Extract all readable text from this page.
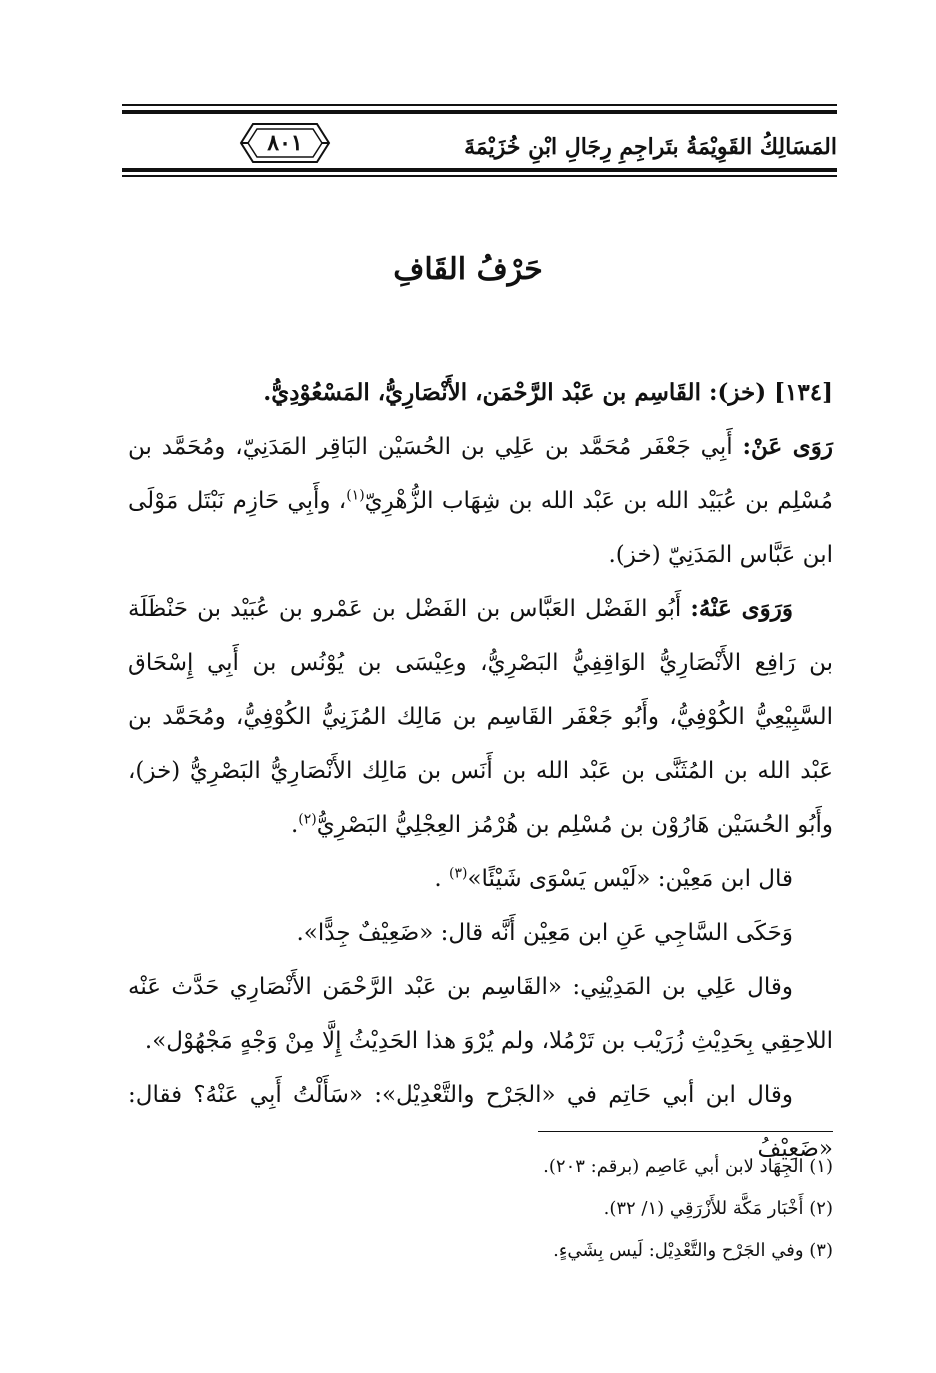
المَسَالِكُ القَوِيْمَةُ بتَراجِمِ رِجَالِ ابْنِ خُزَيْمَةَ
٨٠١
حَرْفُ القَافِ

[١٣٤] (خز): القَاسِم بن عَبْد الرَّحْمَن، الأَنْصَارِيُّ، المَسْعُوْدِيُّ.

رَوَى عَنْ: أَبِي جَعْفَر مُحَمَّد بن عَلِي بن الحُسَيْن البَاقِر المَدَنِيّ، ومُحَمَّد بن مُسْلِم بن عُبَيْد الله بن عَبْد الله بن شِهَاب الزُّهْرِيّ$^{(١)}$، وأَبِي حَازِم نَبْتَل مَوْلَى ابن عَبَّاس المَدَنِيّ (خز).

وَرَوَى عَنْهُ: أَبُو الفَضْل العَبَّاس بن الفَضْل بن عَمْرو بن عُبَيْد بن حَنْظَلَة بن رَافِع الأَنْصَارِيُّ الوَاقِفِيُّ البَصْرِيُّ، وعِيْسَى بن يُوْنُس بن أَبِي إِسْحَاق السَّبِيْعِيُّ الكُوْفِيُّ، وأَبُو جَعْفَر القَاسِم بن مَالِك المُزَنِيُّ الكُوْفِيُّ، ومُحَمَّد بن عَبْد الله بن المُثَنَّى بن عَبْد الله بن أَنَس بن مَالِك الأَنْصَارِيُّ البَصْرِيُّ (خز)، وأَبُو الحُسَيْن هَارُوْن بن مُسْلِم بن هُرْمُز العِجْلِيُّ البَصْرِيُّ$^{(٢)}$.

قال ابن مَعِيْن: «لَيْس يَسْوَى شَيْئًا»$^{(٣)}$ .

وَحَكَى السَّاجِي عَنِ ابن مَعِيْن أَنَّه قال: «ضَعِيْفٌ جِدًّا».

وقال عَلِي بن المَدِيْنِي: «القَاسِم بن عَبْد الرَّحْمَن الأَنْصَارِي حَدَّث عَنْه اللاحِقِي بِحَدِيْثِ زُرَيْب بن تَرْمُلا، ولم يُرْوَ هذا الحَدِيْثُ إِلَّا مِنْ وَجْهٍ مَجْهُوْل».

وقال ابن أبي حَاتِم في «الجَرْح والتَّعْدِيْل»: «سَأَلْتُ أَبِي عَنْهُ؟ فقال: «ضَعِيْفُ

(١) الجِهَاد لابن أبي عَاصِم (برقم: ٢٠٣).
(٢) أَخْبَار مَكَّة للأَزْرَقِي (١/ ٣٢).
(٣) وفي الجَرْح والتَّعْدِيْل: لَيس بِشَيءٍ.
